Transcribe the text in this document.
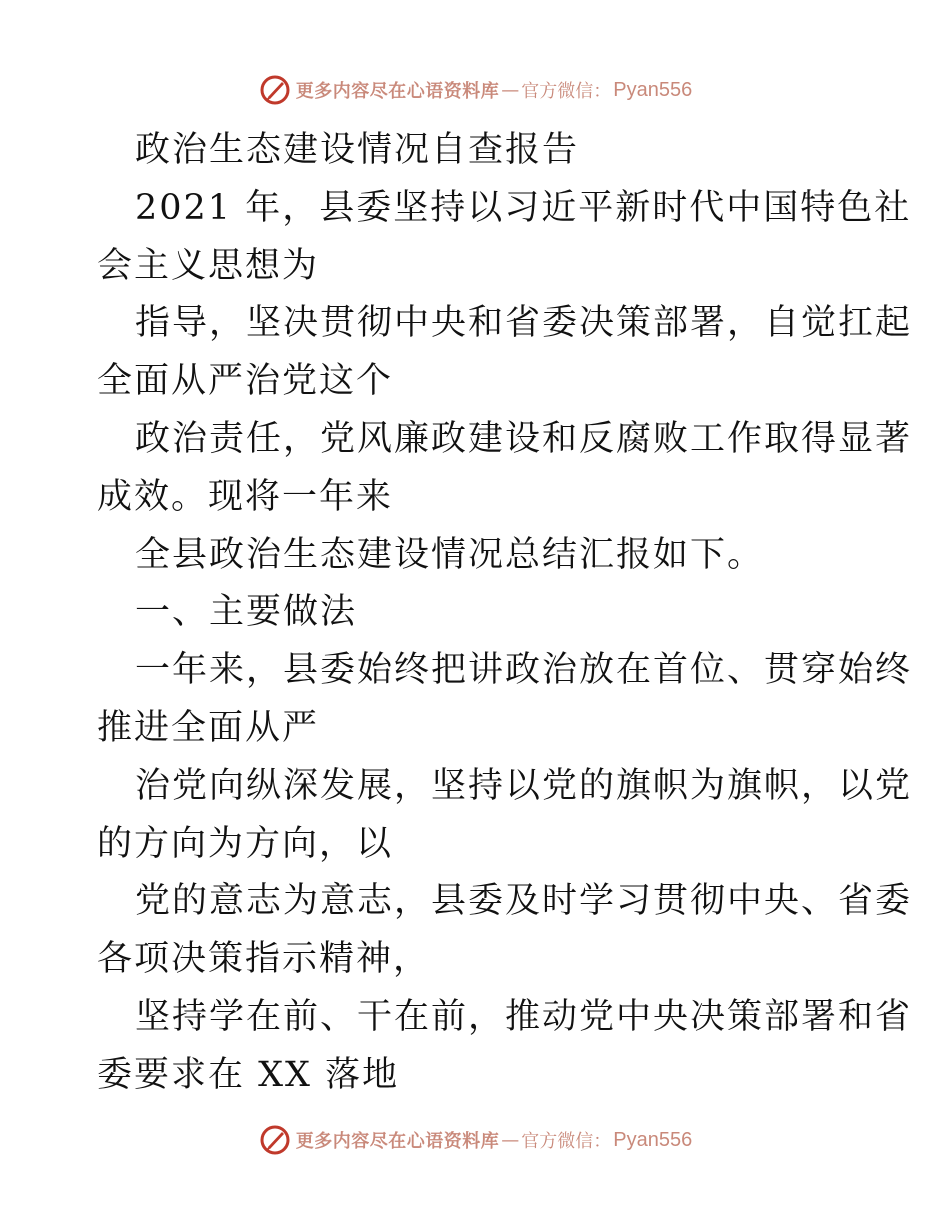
更多内容尽在心语资料库 — 官方微信： Pyan556
政治生态建设情况自查报告
2021 年，县委坚持以习近平新时代中国特色社
会主义思想为
指导，坚决贯彻中央和省委决策部署，自觉扛起
全面从严治党这个
政治责任，党风廉政建设和反腐败工作取得显著
成效。现将一年来
全县政治生态建设情况总结汇报如下。
一、主要做法
一年来，县委始终把讲政治放在首位、贯穿始终
推进全面从严
治党向纵深发展，坚持以党的旗帜为旗帜，以党
的方向为方向，以
党的意志为意志，县委及时学习贯彻中央、省委
各项决策指示精神，
坚持学在前、干在前，推动党中央决策部署和省
委要求在 XX 落地
更多内容尽在心语资料库 — 官方微信： Pyan556
